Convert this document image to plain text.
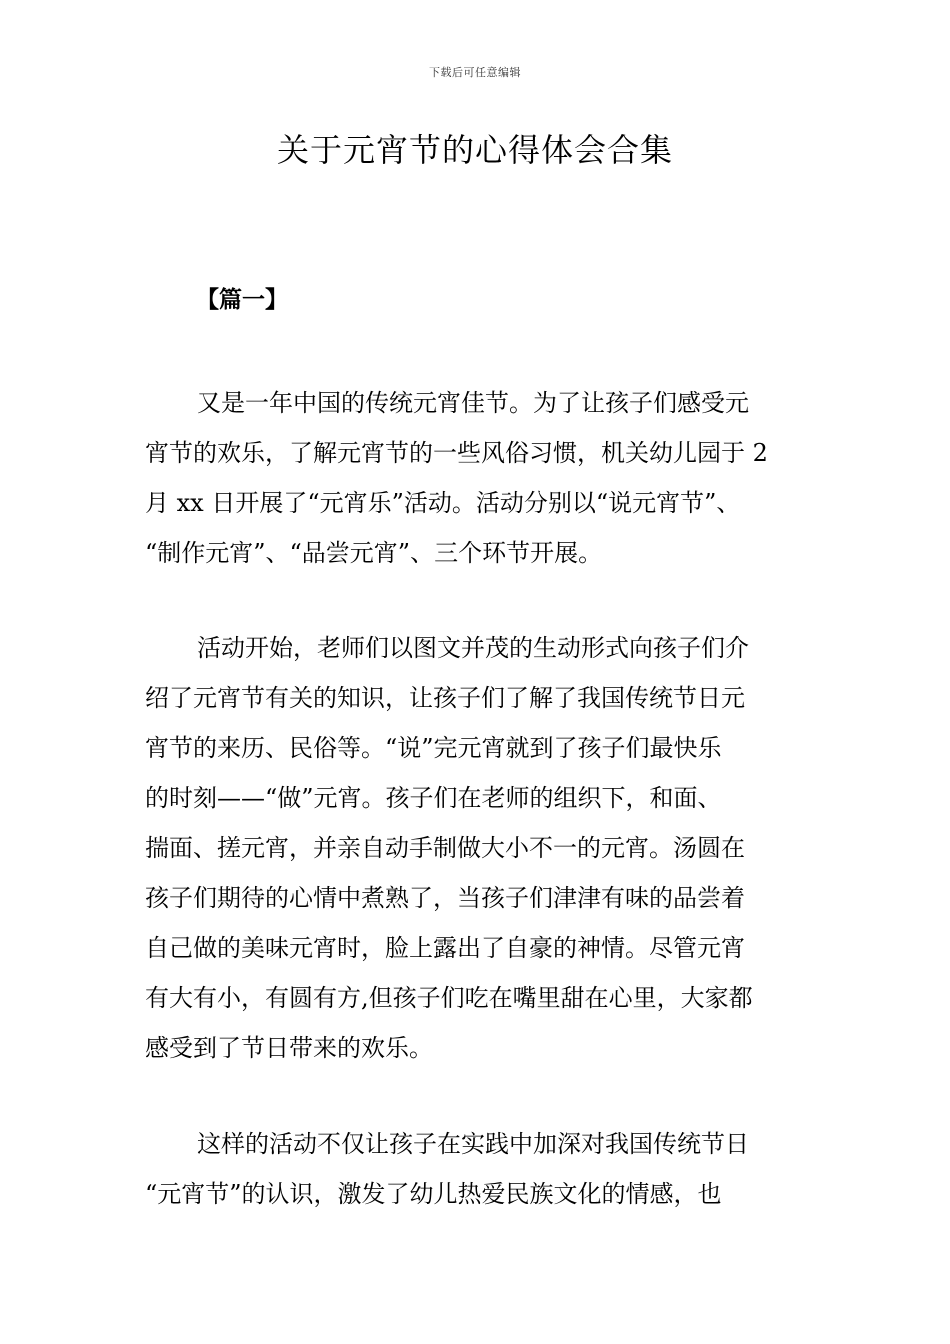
下载后可任意编辑
关于元宵节的心得体会合集
【篇一】
又是一年中国的传统元宵佳节。为了让孩子们感受元
宵节的欢乐，了解元宵节的一些风俗习惯，机关幼儿园于 2
月 xx 日开展了“元宵乐”活动。活动分别以“说元宵节”、
“制作元宵”、“品尝元宵”、三个环节开展。
活动开始，老师们以图文并茂的生动形式向孩子们介
绍了元宵节有关的知识，让孩子们了解了我国传统节日元
宵节的来历、民俗等。“说”完元宵就到了孩子们最快乐
的时刻——“做”元宵。孩子们在老师的组织下，和面、
揣面、搓元宵，并亲自动手制做大小不一的元宵。汤圆在
孩子们期待的心情中煮熟了，当孩子们津津有味的品尝着
自己做的美味元宵时，脸上露出了自豪的神情。尽管元宵
有大有小，有圆有方,但孩子们吃在嘴里甜在心里，大家都
感受到了节日带来的欢乐。
这样的活动不仅让孩子在实践中加深对我国传统节日
“元宵节”的认识，激发了幼儿热爱民族文化的情感，也
